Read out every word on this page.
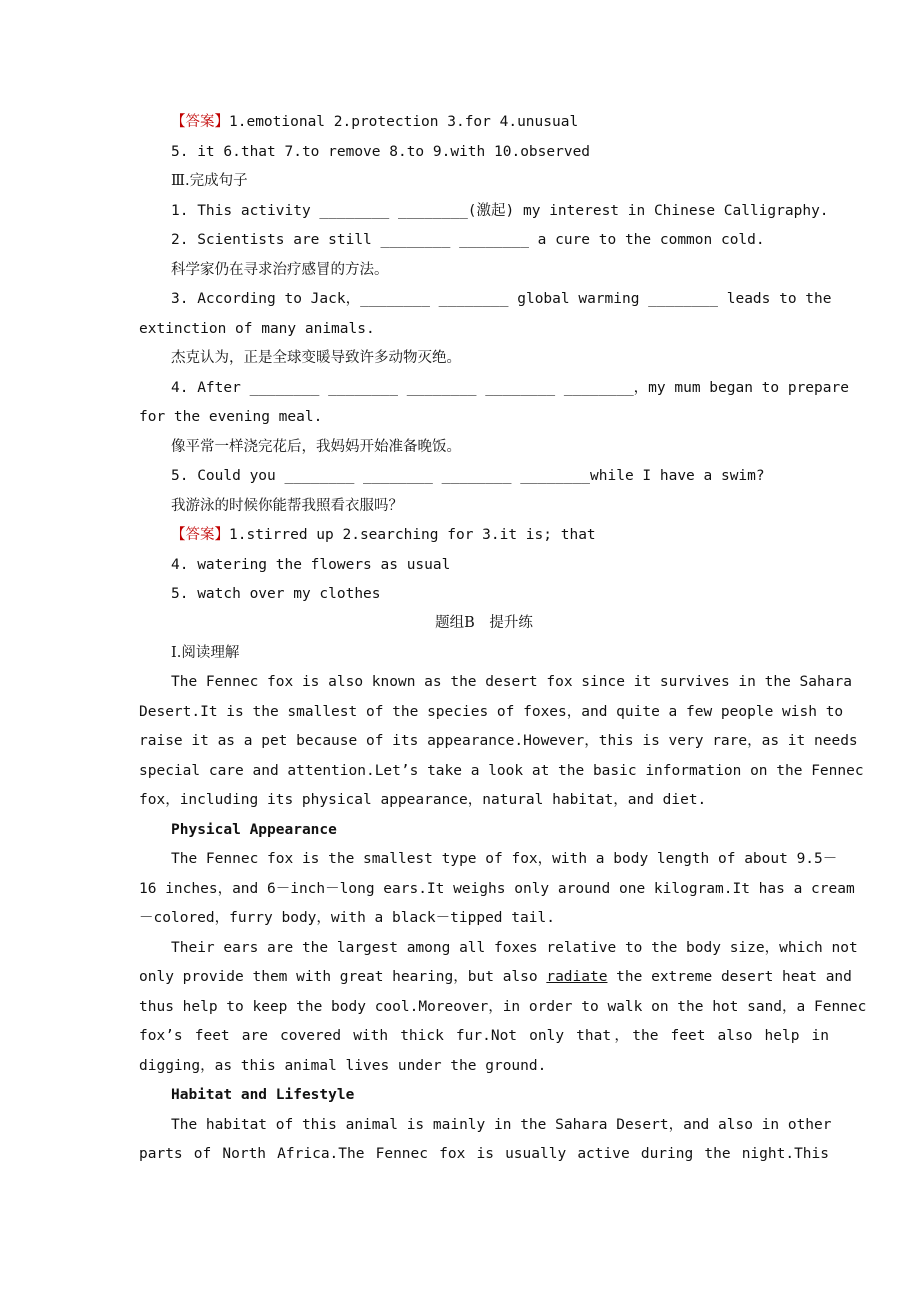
【答案】1.emotional 2.protection 3.for 4.unusual
5. it 6.that 7.to remove 8.to 9.with 10.observed
Ⅲ.完成句子
1. This activity ________ ________(激起) my interest in Chinese Calligraphy.
2. Scientists are still ________ ________ a cure to the common cold.
科学家仍在寻求治疗感冒的方法。
3. According to Jack，________ ________ global warming ________ leads to the
extinction of many animals.
杰克认为，正是全球变暖导致许多动物灭绝。
4. After ________ ________ ________ ________ ________，my mum began to prepare
for the evening meal.
像平常一样浇完花后，我妈妈开始准备晚饭。
5. Could you ________ ________ ________ ________while I have a swim?
我游泳的时候你能帮我照看衣服吗？
【答案】1.stirred up 2.searching for 3.it is; that
4. watering the flowers as usual
5. watch over my clothes
题组B　提升练
Ⅰ.阅读理解
The Fennec fox is also known as the desert fox since it survives in the Sahara
Desert.It is the smallest of the species of foxes，and quite a few people wish to
raise it as a pet because of its appearance.However，this is very rare，as it needs
special care and attention.Let’s take a look at the basic information on the Fennec
fox，including its physical appearance，natural habitat，and diet.
Physical Appearance
The Fennec fox is the smallest type of fox，with a body length of about 9.5－
16 inches，and 6－inch－long ears.It weighs only around one kilogram.It has a cream
－colored，furry body，with a black－tipped tail.
Their ears are the largest among all foxes relative to the body size，which not
only provide them with great hearing，but also radiate the extreme desert heat and
thus help to keep the body cool.Moreover，in order to walk on the hot sand，a Fennec
fox’s feet are covered with thick fur.Not only that，the feet also help in
digging，as this animal lives under the ground.
Habitat and Lifestyle
The habitat of this animal is mainly in the Sahara Desert，and also in other
parts of North Africa.The Fennec fox is usually active during the night.This
